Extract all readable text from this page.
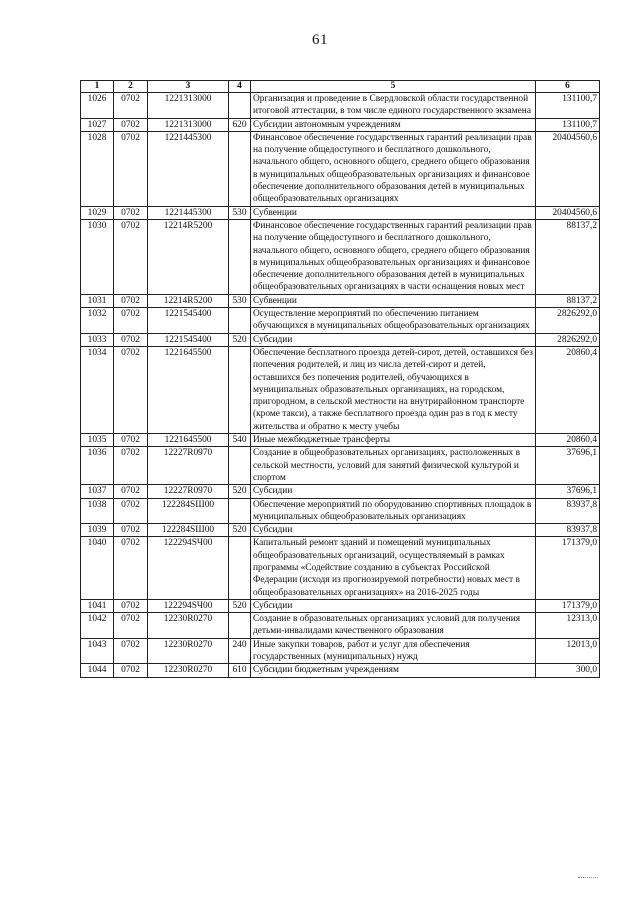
61
1	2	3	4	5	6
1026	0702	1221313000		Организация и проведение в Свердловской области государственной итоговой аттестации, в том числе единого государственного экзамена	131100,7
1027	0702	1221313000	620	Субсидии автономным учреждениям	131100,7
1028	0702	1221445300		Финансовое обеспечение государственных гарантий реализации прав на получение общедоступного и бесплатного дошкольного, начального общего, основного общего, среднего общего образования в муниципальных общеобразовательных организациях и финансовое обеспечение дополнительного образования детей в муниципальных общеобразовательных организациях	20404560,6
1029	0702	1221445300	530	Субвенции	20404560,6
1030	0702	12214R5200		Финансовое обеспечение государственных гарантий реализации прав на получение общедоступного и бесплатного дошкольного, начального общего, основного общего, среднего общего образования в муниципальных общеобразовательных организациях и финансовое обеспечение дополнительного образования детей в муниципальных общеобразовательных организациях в части оснащения новых мест	88137,2
1031	0702	12214R5200	530	Субвенции	88137,2
1032	0702	1221545400		Осуществление мероприятий по обеспечению питанием обучающихся в муниципальных общеобразовательных организациях	2826292,0
1033	0702	1221545400	520	Субсидии	2826292,0
1034	0702	1221645500		Обеспечение бесплатного проезда детей-сирот, детей, оставшихся без попечения родителей, и лиц из числа детей-сирот и детей, оставшихся без попечения родителей, обучающихся в муниципальных образовательных организациях, на городском, пригородном, в сельской местности на внутрирайонном транспорте (кроме такси), а также бесплатного проезда один раз в год к месту жительства и обратно к месту учебы	20860,4
1035	0702	1221645500	540	Иные межбюджетные трансферты	20860,4
1036	0702	12227R0970		Создание в общеобразовательных организациях, расположенных в сельской местности, условий для занятий физической культурой и спортом	37696,1
1037	0702	12227R0970	520	Субсидии	37696,1
1038	0702	122284SШ00		Обеспечение мероприятий по оборудованию спортивных площадок в муниципальных общеобразовательных организациях	83937,8
1039	0702	122284SШ00	520	Субсидии	83937,8
1040	0702	122294SЧ00		Капитальный ремонт зданий и помещений муниципальных общеобразовательных организаций, осуществляемый в рамках программы «Содействие созданию в субъектах Российской Федерации (исходя из прогнозируемой потребности) новых мест в общеобразовательных организациях» на 2016-2025 годы	171379,0
1041	0702	122294SЧ00	520	Субсидии	171379,0
1042	0702	12230R0270		Создание в образовательных организациях условий для получения детьми-инвалидами качественного образования	12313,0
1043	0702	12230R0270	240	Иные закупки товаров, работ и услуг для обеспечения государственных (муниципальных) нужд	12013,0
1044	0702	12230R0270	610	Субсидии бюджетным учреждениям	300,0
